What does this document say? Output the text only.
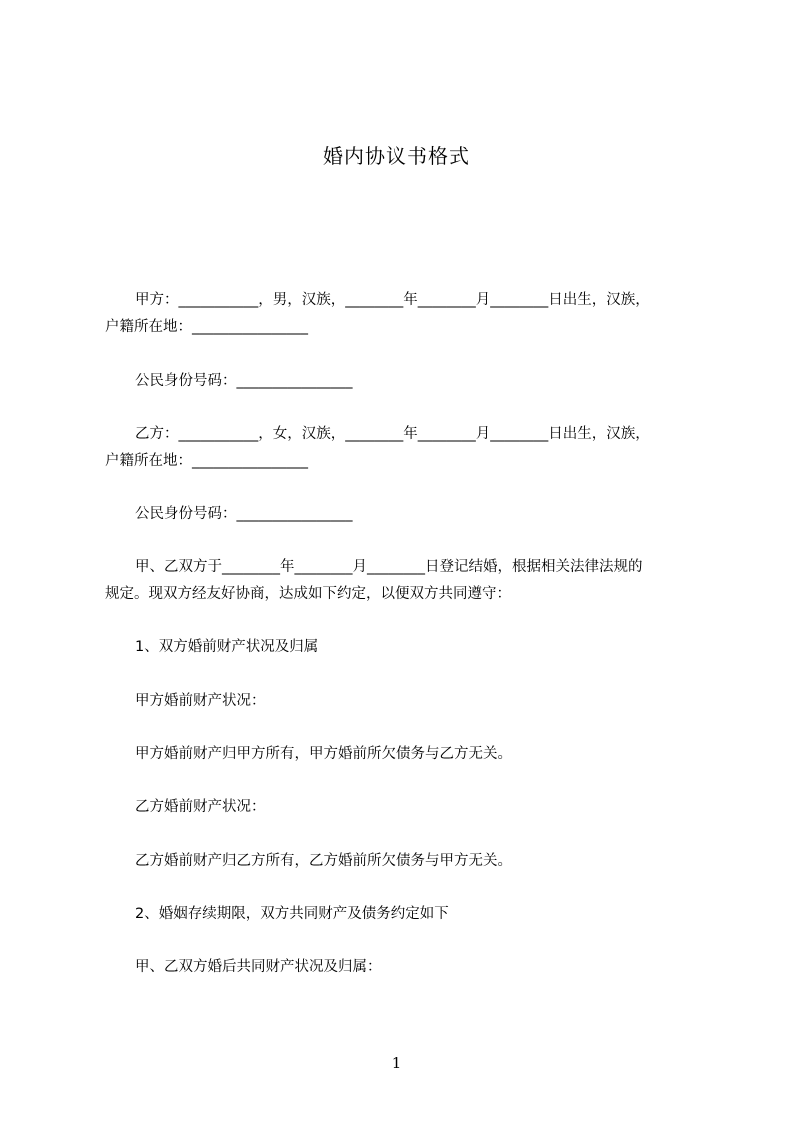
婚内协议书格式
甲方：___________，男，汉族，________年________月________日出生，汉族，
户籍所在地：________________
公民身份号码：________________
乙方：___________，女，汉族，________年________月________日出生，汉族，
户籍所在地：________________
公民身份号码：________________
甲、乙双方于________年________月________日登记结婚，根据相关法律法规的
规定。现双方经友好协商，达成如下约定，以便双方共同遵守：
1、双方婚前财产状况及归属
甲方婚前财产状况：
甲方婚前财产归甲方所有，甲方婚前所欠债务与乙方无关。
乙方婚前财产状况：
乙方婚前财产归乙方所有，乙方婚前所欠债务与甲方无关。
2、婚姻存续期限，双方共同财产及债务约定如下
甲、乙双方婚后共同财产状况及归属：
1
